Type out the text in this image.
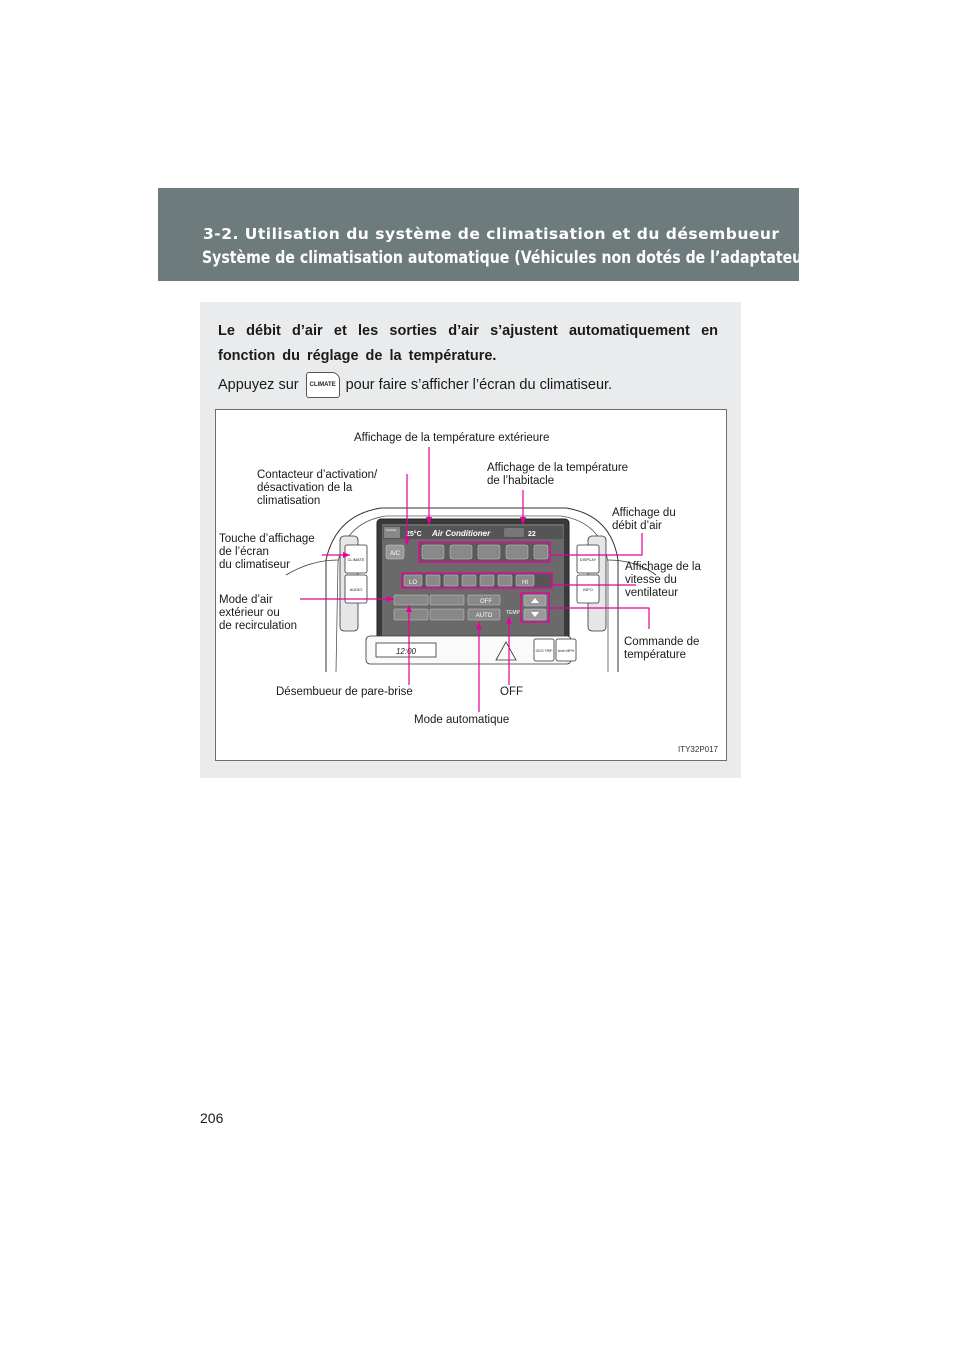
3-2. Utilisation du système de climatisation et du désembueur
Système de climatisation automatique (Véhicules non dotés de l’adaptateur AUX)
Le débit d’air et les sorties d’air s’ajustent automatiquement en fonction du réglage de la température.
Appuyez sur CLIMATE pour faire s’afficher l’écran du climatiseur.
CLIMATE
AUDIO
DISPLAY
INFO
Outside
25°C Air Conditioner	22
A/C
LO	HI
OFF
AUTO	TEMP
12:00	ODO TRIP km/h MPH
Affichage de la température extérieure
Contacteur d’activation/
désactivation de la
climatisation
Affichage de la température
de l’habitacle
Affichage du
débit d’air
Touche d’affichage
de l’écran
du climatiseur	Affichage de la
vitesse du
ventilateur
Mode d’air
extérieur ou
de recirculation
Commande de
température
Désembueur de pare-brise	OFF
Mode automatique
ITY32P017
206
